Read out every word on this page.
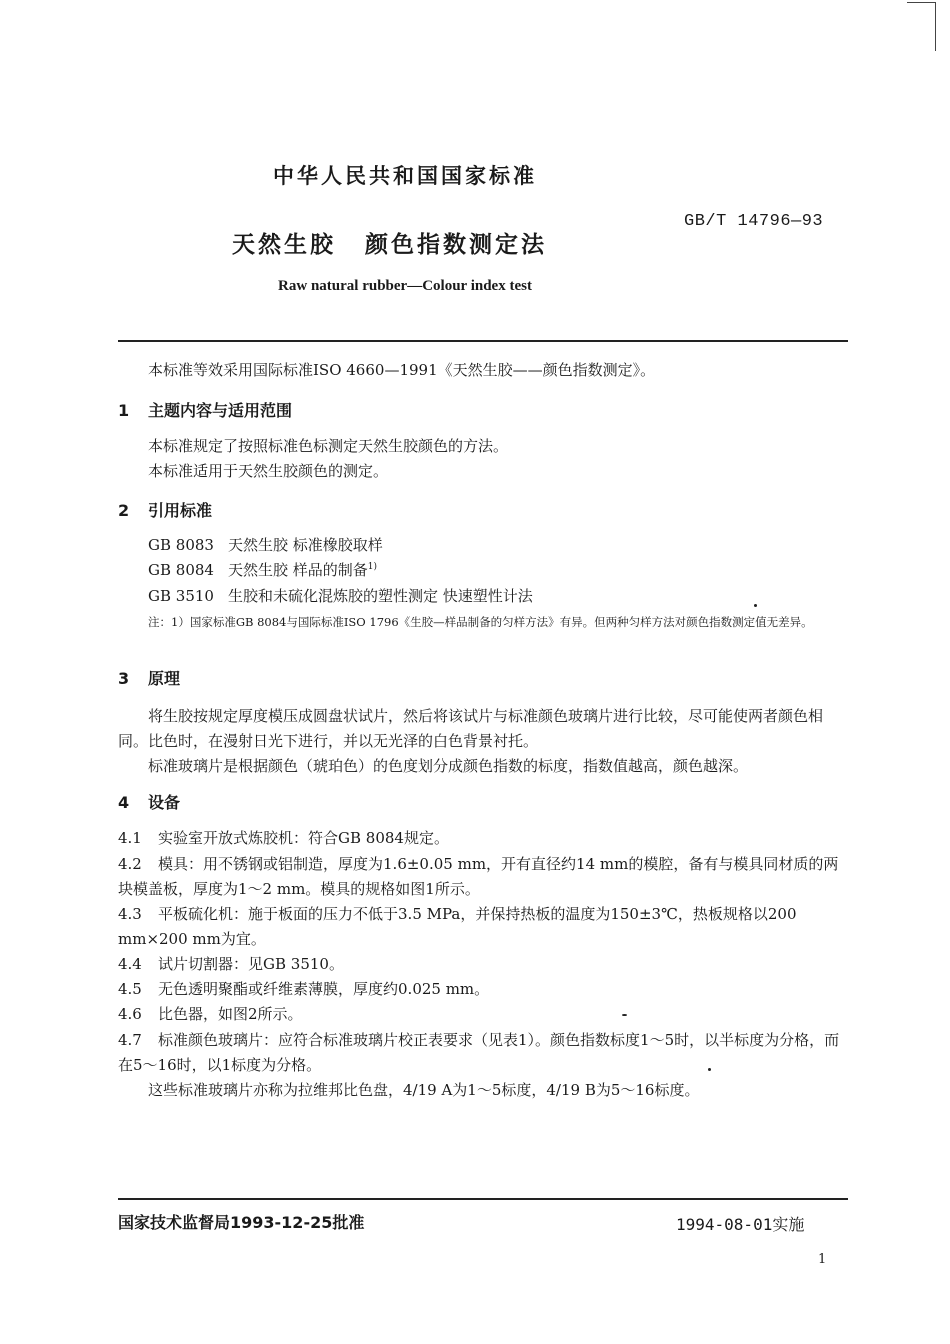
中华人民共和国国家标准
GB/T 14796—93
天然生胶 颜色指数测定法
Raw natural rubber—Colour index test

本标准等效采用国际标准ISO 4660—1991《天然生胶——颜色指数测定》。

1 主题内容与适用范围

本标准规定了按照标准色标测定天然生胶颜色的方法。

本标准适用于天然生胶颜色的测定。

2 引用标准
GB 8083 天然生胶 标准橡胶取样
GB 8084 天然生胶 样品的制备$^{1)}$
GB 3510 生胶和未硫化混炼胶的塑性测定 快速塑性计法

注：1）国家标准GB 8084与国际标准ISO 1796《生胶—样品制备的匀样方法》有异。但两种匀样方法对颜色指数测定值无差异。

3 原理

将生胶按规定厚度模压成圆盘状试片，然后将该试片与标准颜色玻璃片进行比较，尽可能使两者颜色相同。比色时，在漫射日光下进行，并以无光泽的白色背景衬托。

标准玻璃片是根据颜色（琥珀色）的色度划分成颜色指数的标度，指数值越高，颜色越深。

4 设备

4.1 实验室开放式炼胶机：符合GB 8084规定。

4.2 模具：用不锈钢或铝制造，厚度为1.6±0.05 mm，开有直径约14 mm的模腔，备有与模具同材质的两块模盖板，厚度为1～2 mm。模具的规格如图1所示。

4.3 平板硫化机：施于板面的压力不低于3.5 MPa，并保持热板的温度为150±3℃，热板规格以200 mm×200 mm为宜。

4.4 试片切割器：见GB 3510。

4.5 无色透明聚酯或纤维素薄膜，厚度约0.025 mm。

4.6 比色器，如图2所示。

4.7 标准颜色玻璃片：应符合标准玻璃片校正表要求（见表1）。颜色指数标度1～5时，以半标度为分格，而在5～16时，以1标度为分格。

这些标准玻璃片亦称为拉维邦比色盘，4/19 A为1～5标度，4/19 B为5～16标度。

国家技术监督局1993-12-25批准	1994-08-01实施
1
